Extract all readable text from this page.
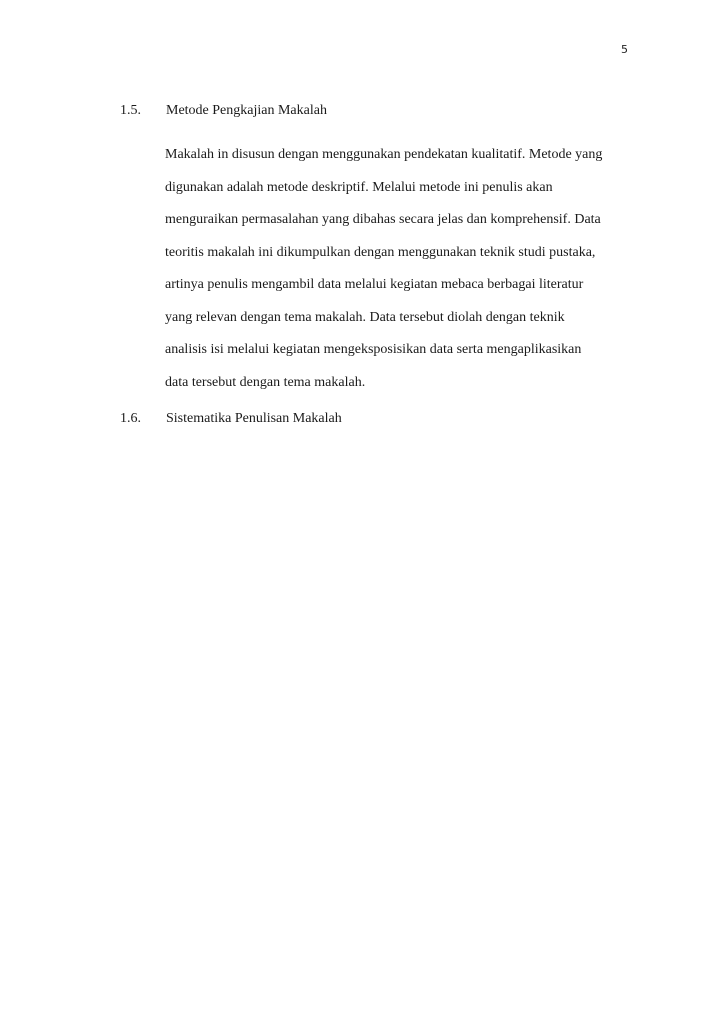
5
1.5. Metode Pengkajian Makalah
Makalah in disusun dengan menggunakan pendekatan kualitatif. Metode yang
digunakan adalah metode deskriptif. Melalui metode ini penulis akan
menguraikan permasalahan yang dibahas secara jelas dan komprehensif. Data
teoritis makalah ini dikumpulkan dengan menggunakan teknik studi pustaka,
artinya penulis mengambil data melalui kegiatan mebaca berbagai literatur
yang relevan dengan tema makalah. Data tersebut diolah dengan teknik
analisis isi melalui kegiatan mengeksposisikan data serta mengaplikasikan
data tersebut dengan tema makalah.
1.6. Sistematika Penulisan Makalah
